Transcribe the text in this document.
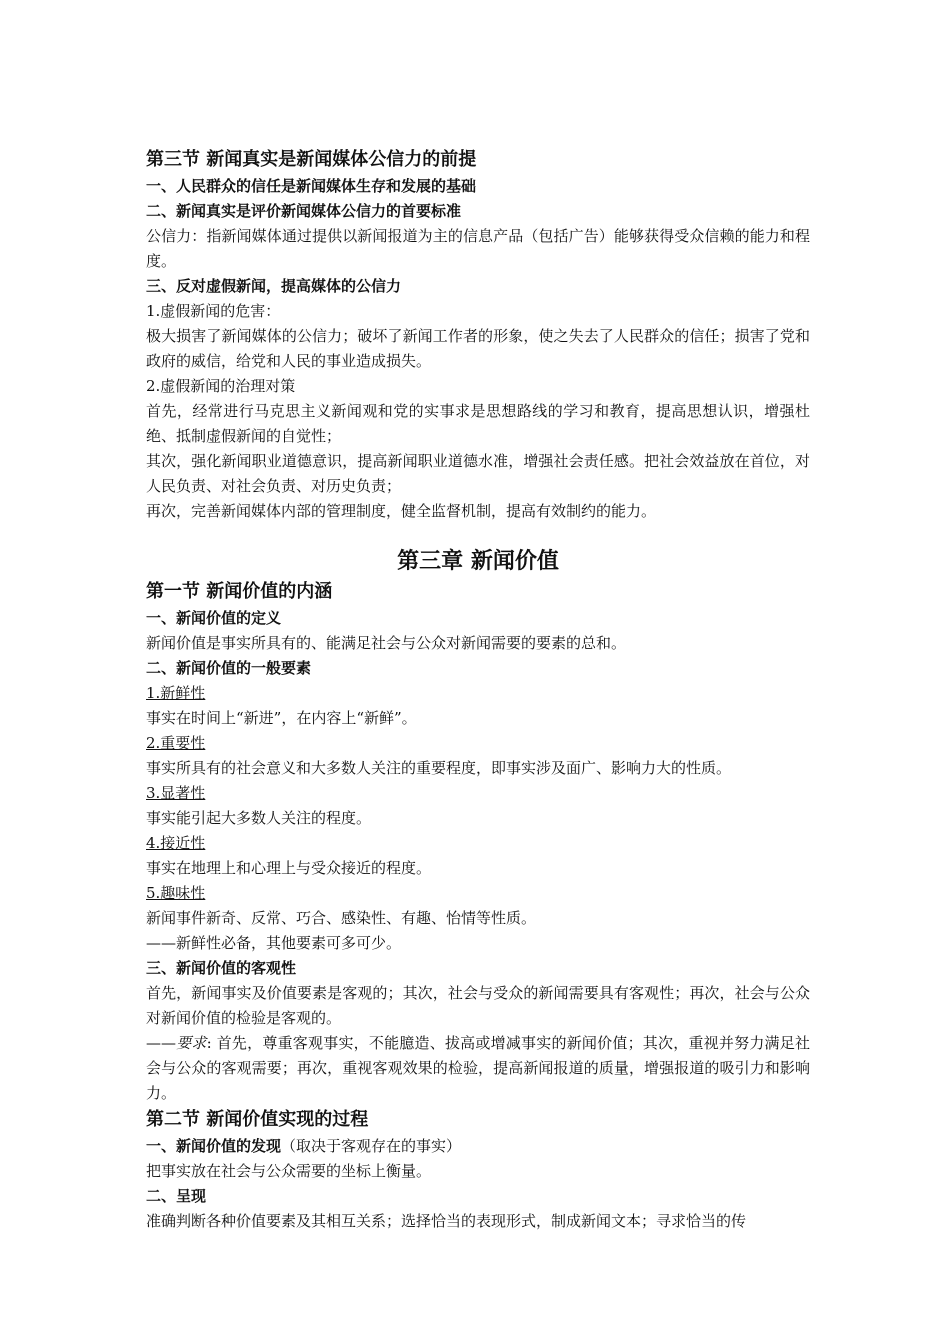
第三节 新闻真实是新闻媒体公信力的前提
一、人民群众的信任是新闻媒体生存和发展的基础
二、新闻真实是评价新闻媒体公信力的首要标准
公信力：指新闻媒体通过提供以新闻报道为主的信息产品（包括广告）能够获得受众信赖的能力和程度。
三、反对虚假新闻，提高媒体的公信力
1.虚假新闻的危害：
极大损害了新闻媒体的公信力；破坏了新闻工作者的形象，使之失去了人民群众的信任；损害了党和政府的威信，给党和人民的事业造成损失。
2.虚假新闻的治理对策
首先，经常进行马克思主义新闻观和党的实事求是思想路线的学习和教育，提高思想认识，增强杜绝、抵制虚假新闻的自觉性；
其次，强化新闻职业道德意识，提高新闻职业道德水准，增强社会责任感。把社会效益放在首位，对人民负责、对社会负责、对历史负责；
再次，完善新闻媒体内部的管理制度，健全监督机制，提高有效制约的能力。
第三章 新闻价值
第一节 新闻价值的内涵
一、新闻价值的定义
新闻价值是事实所具有的、能满足社会与公众对新闻需要的要素的总和。
二、新闻价值的一般要素
1.新鲜性
事实在时间上“新进”，在内容上“新鲜”。
2.重要性
事实所具有的社会意义和大多数人关注的重要程度，即事实涉及面广、影响力大的性质。
3.显著性
事实能引起大多数人关注的程度。
4.接近性
事实在地理上和心理上与受众接近的程度。
5.趣味性
新闻事件新奇、反常、巧合、感染性、有趣、怡情等性质。
——新鲜性必备，其他要素可多可少。
三、新闻价值的客观性
首先，新闻事实及价值要素是客观的；其次，社会与受众的新闻需要具有客观性；再次，社会与公众对新闻价值的检验是客观的。
——要求: 首先，尊重客观事实，不能臆造、拔高或增减事实的新闻价值；其次，重视并努力满足社会与公众的客观需要；再次，重视客观效果的检验，提高新闻报道的质量，增强报道的吸引力和影响力。
第二节 新闻价值实现的过程
一、新闻价值的发现（取决于客观存在的事实）
把事实放在社会与公众需要的坐标上衡量。
二、呈现
准确判断各种价值要素及其相互关系；选择恰当的表现形式，制成新闻文本；寻求恰当的传
